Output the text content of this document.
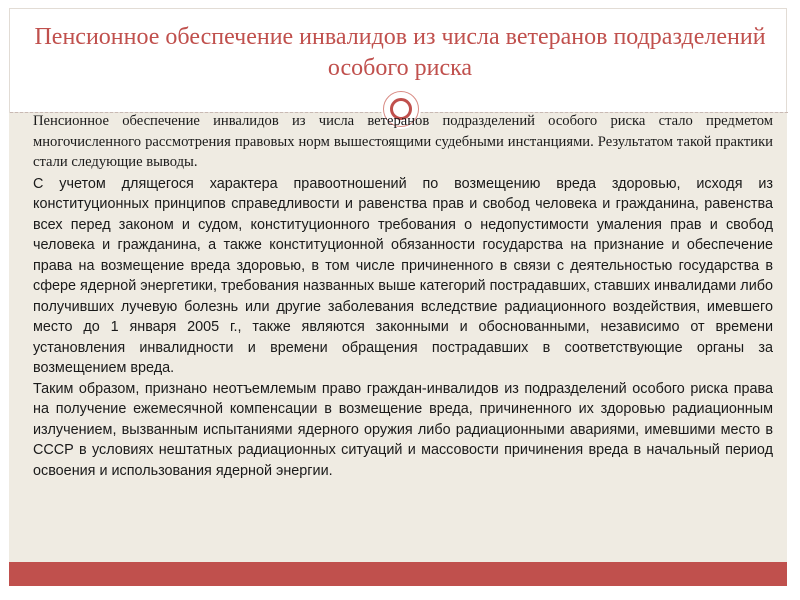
Пенсионное обеспечение инвалидов из числа ветеранов подразделений особого риска

Пенсионное обеспечение инвалидов из числа ветеранов подразделений особого риска стало предметом многочисленного рассмотрения правовых норм вышестоящими судебными инстанциями. Результатом такой практики стали следующие выводы.

С учетом длящегося характера правоотношений по возмещению вреда здоровью, исходя из конституционных принципов справедливости и равенства прав и свобод человека и гражданина, равенства всех перед законом и судом, конституционного требования о недопустимости умаления прав и свобод человека и гражданина, а также конституционной обязанности государства на признание и обеспечение права на возмещение вреда здоровью, в том числе причиненного в связи с деятельностью государства в сфере ядерной энергетики, требования названных выше категорий пострадавших, ставших инвалидами либо получивших лучевую болезнь или другие заболевания вследствие радиационного воздействия, имевшего место до 1 января 2005 г., также являются законными и обоснованными, независимо от времени установления инвалидности и времени обращения пострадавших в соответствующие органы за возмещением вреда.

Таким образом, признано неотъемлемым право граждан-инвалидов из подразделений особого риска права на получение ежемесячной компенсации в возмещение вреда, причиненного их здоровью радиационным излучением, вызванным испытаниями ядерного оружия либо радиационными авариями, имевшими место в СССР в условиях нештатных радиационных ситуаций и массовости причинения вреда в начальный период освоения и использования ядерной энергии.
